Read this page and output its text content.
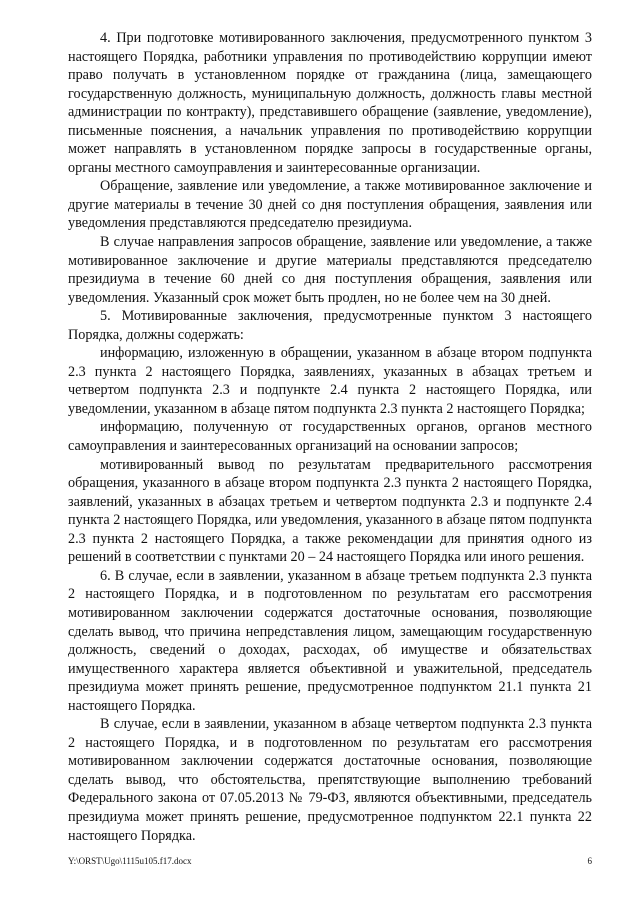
4. При подготовке мотивированного заключения, предусмотренного пунктом 3 настоящего Порядка, работники управления по противодействию коррупции имеют право получать в установленном порядке от гражданина (лица, замещающего государственную должность, муниципальную должность, должность главы местной администрации по контракту), представившего обращение (заявление, уведомление), письменные пояснения, а начальник управления по противодействию коррупции может направлять в установленном порядке запросы в государственные органы, органы местного самоуправления и заинтересованные организации.

Обращение, заявление или уведомление, а также мотивированное заключение и другие материалы в течение 30 дней со дня поступления обращения, заявления или уведомления представляются председателю президиума.

В случае направления запросов обращение, заявление или уведомление, а также мотивированное заключение и другие материалы представляются председателю президиума в течение 60 дней со дня поступления обращения, заявления или уведомления. Указанный срок может быть продлен, но не более чем на 30 дней.

5. Мотивированные заключения, предусмотренные пунктом 3 настоящего Порядка, должны содержать:

информацию, изложенную в обращении, указанном в абзаце втором подпункта 2.3 пункта 2 настоящего Порядка, заявлениях, указанных в абзацах третьем и четвертом подпункта 2.3 и подпункте 2.4 пункта 2 настоящего Порядка, или уведомлении, указанном в абзаце пятом подпункта 2.3 пункта 2 настоящего Порядка;

информацию, полученную от государственных органов, органов местного самоуправления и заинтересованных организаций на основании запросов;

мотивированный вывод по результатам предварительного рассмотрения обращения, указанного в абзаце втором подпункта 2.3 пункта 2 настоящего Порядка, заявлений, указанных в абзацах третьем и четвертом подпункта 2.3 и подпункте 2.4 пункта 2 настоящего Порядка, или уведомления, указанного в абзаце пятом подпункта 2.3 пункта 2 настоящего Порядка, а также рекомендации для принятия одного из решений в соответствии с пунктами 20 – 24 настоящего Порядка или иного решения.

6. В случае, если в заявлении, указанном в абзаце третьем подпункта 2.3 пункта 2 настоящего Порядка, и в подготовленном по результатам его рассмотрения мотивированном заключении содержатся достаточные основания, позволяющие сделать вывод, что причина непредставления лицом, замещающим государственную должность, сведений о доходах, расходах, об имуществе и обязательствах имущественного характера является объективной и уважительной, председатель президиума может принять решение, предусмотренное подпунктом 21.1 пункта 21 настоящего Порядка.

В случае, если в заявлении, указанном в абзаце четвертом подпункта 2.3 пункта 2 настоящего Порядка, и в подготовленном по результатам его рассмотрения мотивированном заключении содержатся достаточные основания, позволяющие сделать вывод, что обстоятельства, препятствующие выполнению требований Федерального закона от 07.05.2013 № 79-ФЗ, являются объективными, председатель президиума может принять решение, предусмотренное подпунктом 22.1 пункта 22 настоящего Порядка.

Y:\ORST\Ugo\1115u105.f17.docx	6
